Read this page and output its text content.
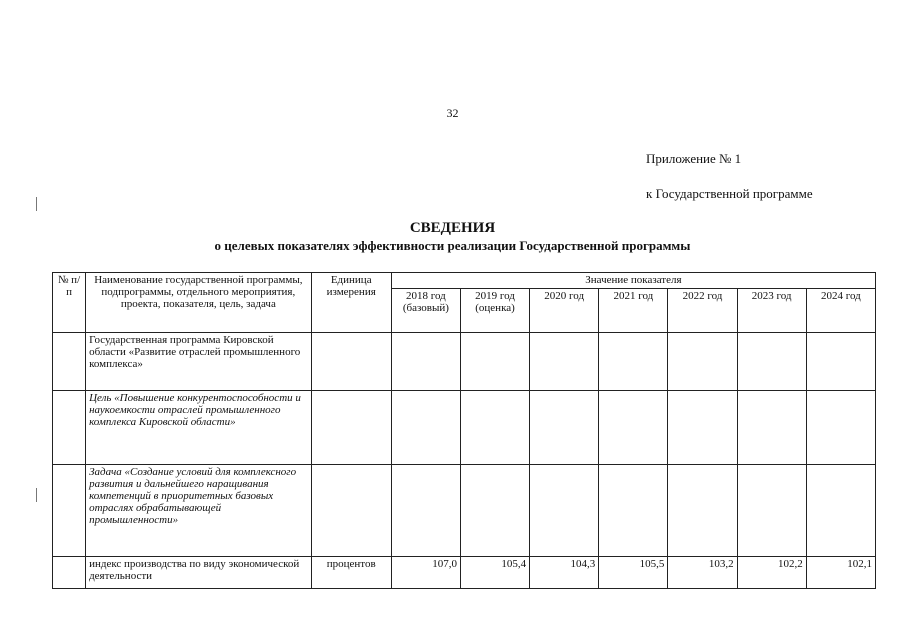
32
Приложение № 1
к Государственной программе
СВЕДЕНИЯ
о целевых показателях эффективности реализации Государственной программы
№ п/п	Наименование государственной программы, подпрограммы, отдельного мероприятия, проекта, показателя, цель, задача	Единица измерения	Значение показателя						
			2018 год (базовый)	2019 год (оценка)	2020 год	2021 год	2022 год	2023 год	2024 год
	Государственная программа Кировской области «Развитие отраслей промышленного комплекса»								
	Цель «Повышение конкурентоспособности и наукоемкости отраслей промышленного комплекса Кировской области»								
	Задача «Создание условий для комплексного развития и дальнейшего наращивания компетенций в приоритетных базовых отраслях обрабатывающей промышленности»								
	индекс производства по виду экономической деятельности	процентов	107,0	105,4	104,3	105,5	103,2	102,2	102,1
